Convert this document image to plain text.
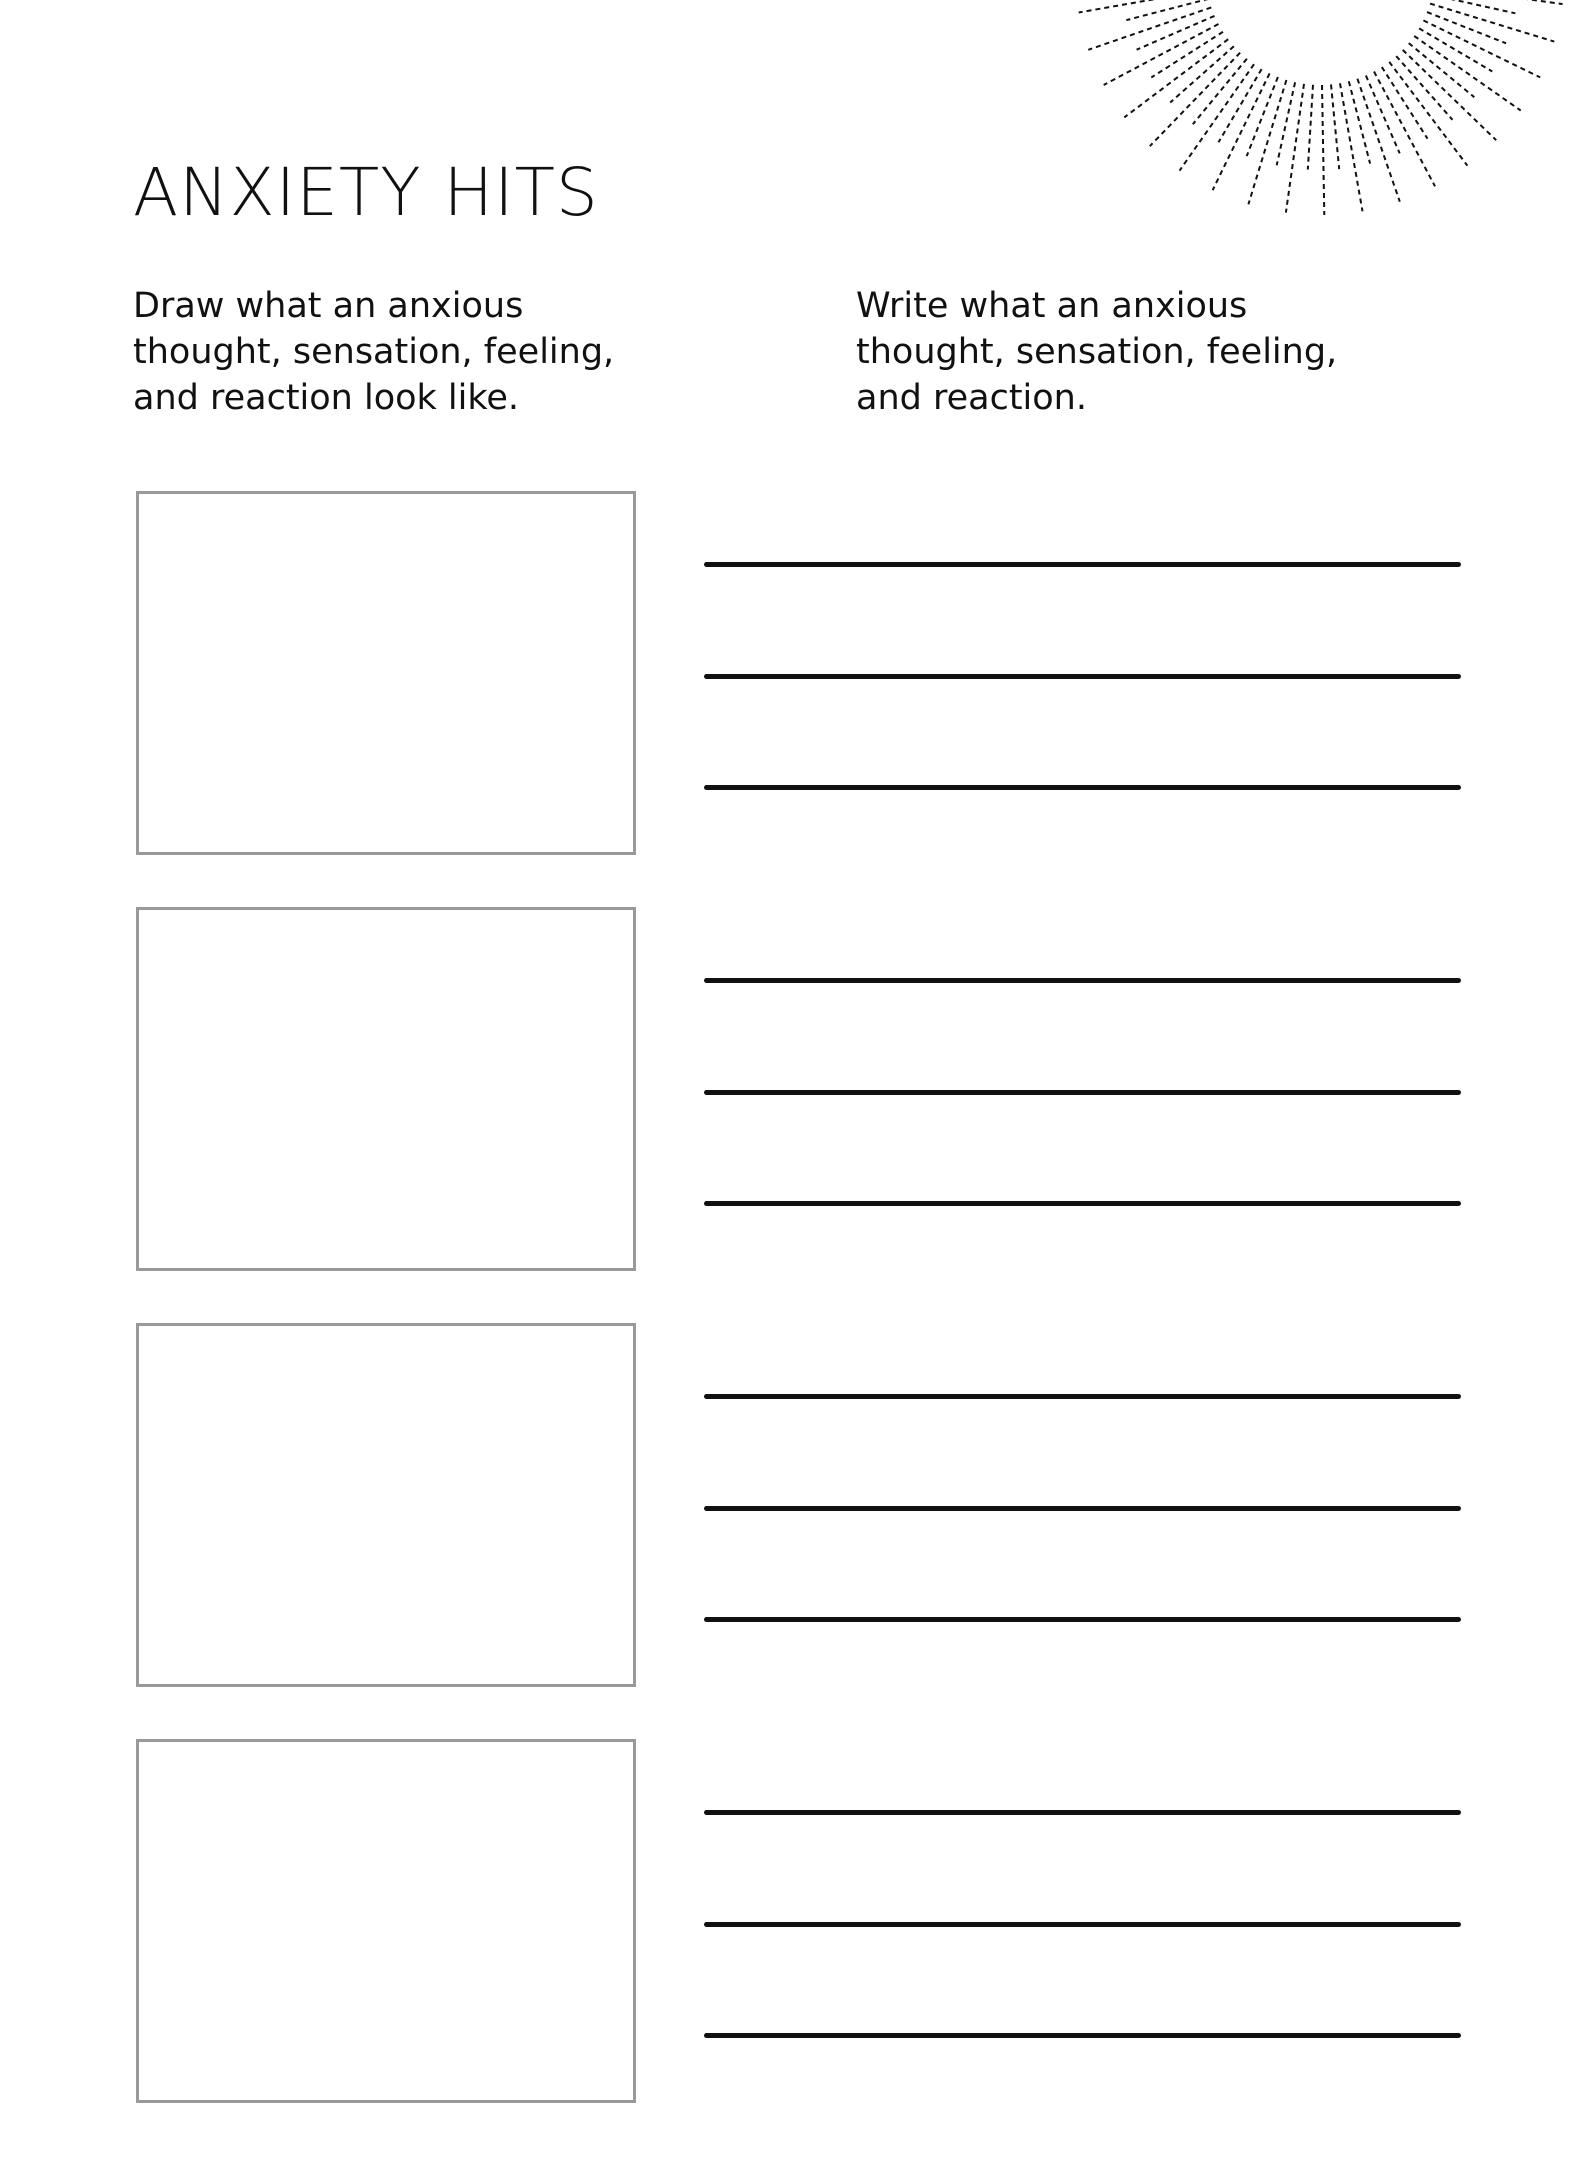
ANXIETY HITS

Draw what an anxious thought, sensation, feeling, and reaction look like.

Write what an anxious thought, sensation, feeling, and reaction.
